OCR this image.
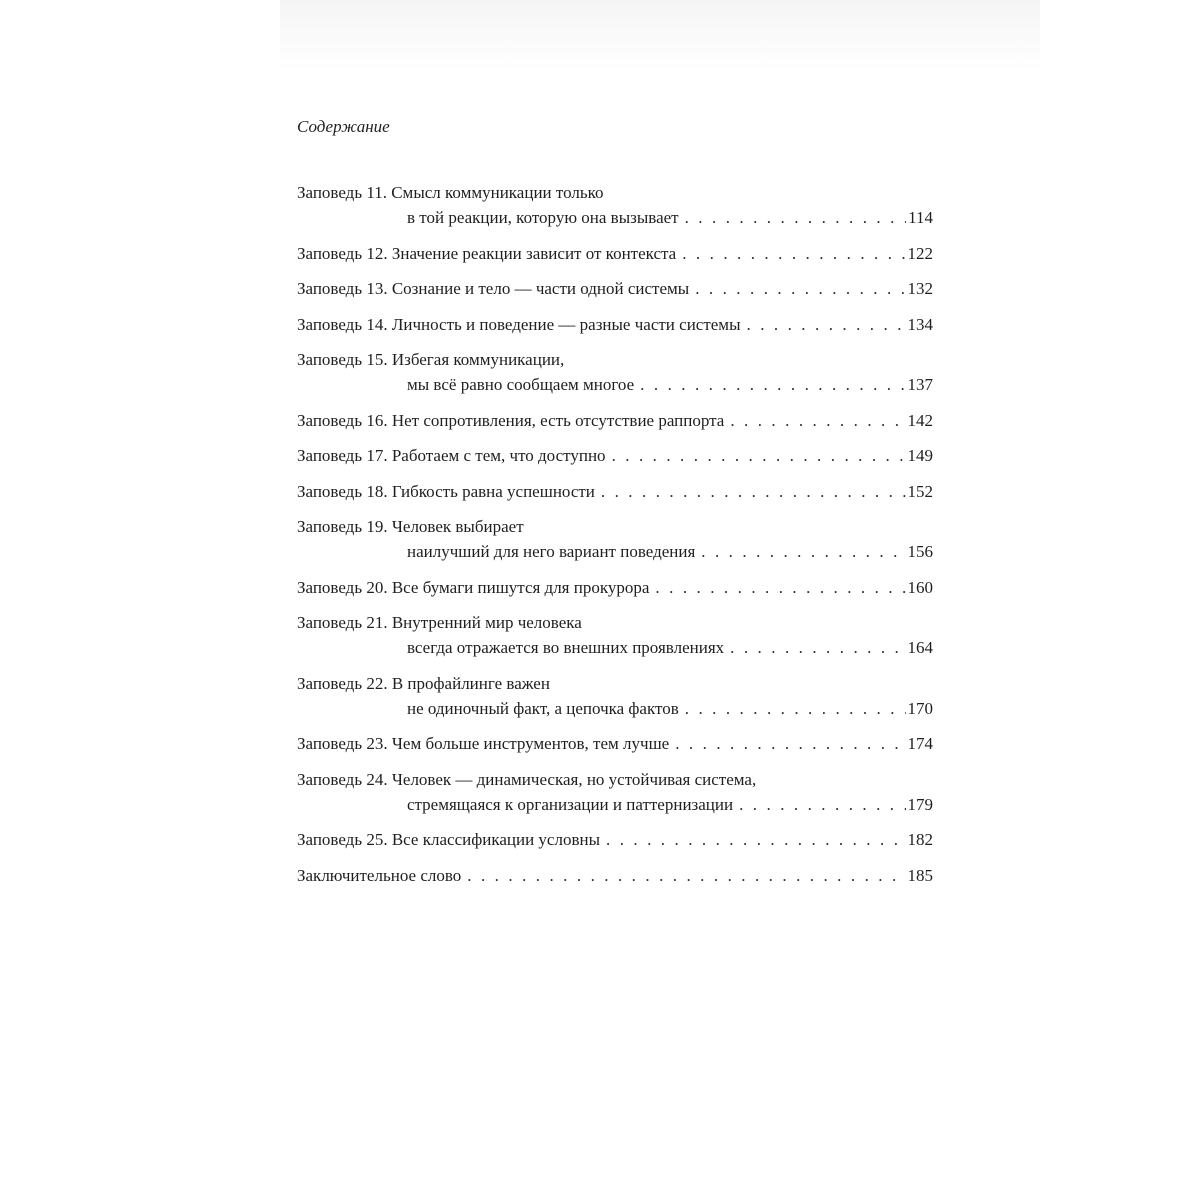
Содержание
Заповедь 11. Смысл коммуникации только
в той реакции, которую она вызывает . . .	114
Заповедь 12. Значение реакции зависит от контекста . . .	122
Заповедь 13. Сознание и тело — части одной системы . . .	132
Заповедь 14. Личность и поведение — разные части системы . . .	134
Заповедь 15. Избегая коммуникации,
мы всё равно сообщаем многое . . .	137
Заповедь 16. Нет сопротивления, есть отсутствие раппорта . . .	142
Заповедь 17. Работаем с тем, что доступно . . .	149
Заповедь 18. Гибкость равна успешности . . .	152
Заповедь 19. Человек выбирает
наилучший для него вариант поведения . . .	156
Заповедь 20. Все бумаги пишутся для прокурора . . .	160
Заповедь 21. Внутренний мир человека
всегда отражается во внешних проявлениях . . .	164
Заповедь 22. В профайлинге важен
не одиночный факт, а цепочка фактов . . .	170
Заповедь 23. Чем больше инструментов, тем лучше . . .	174
Заповедь 24. Человек — динамическая, но устойчивая система,
стремящаяся к организации и паттернизации . . .	179
Заповедь 25. Все классификации условны . . .	182
Заключительное слово . . .	185
